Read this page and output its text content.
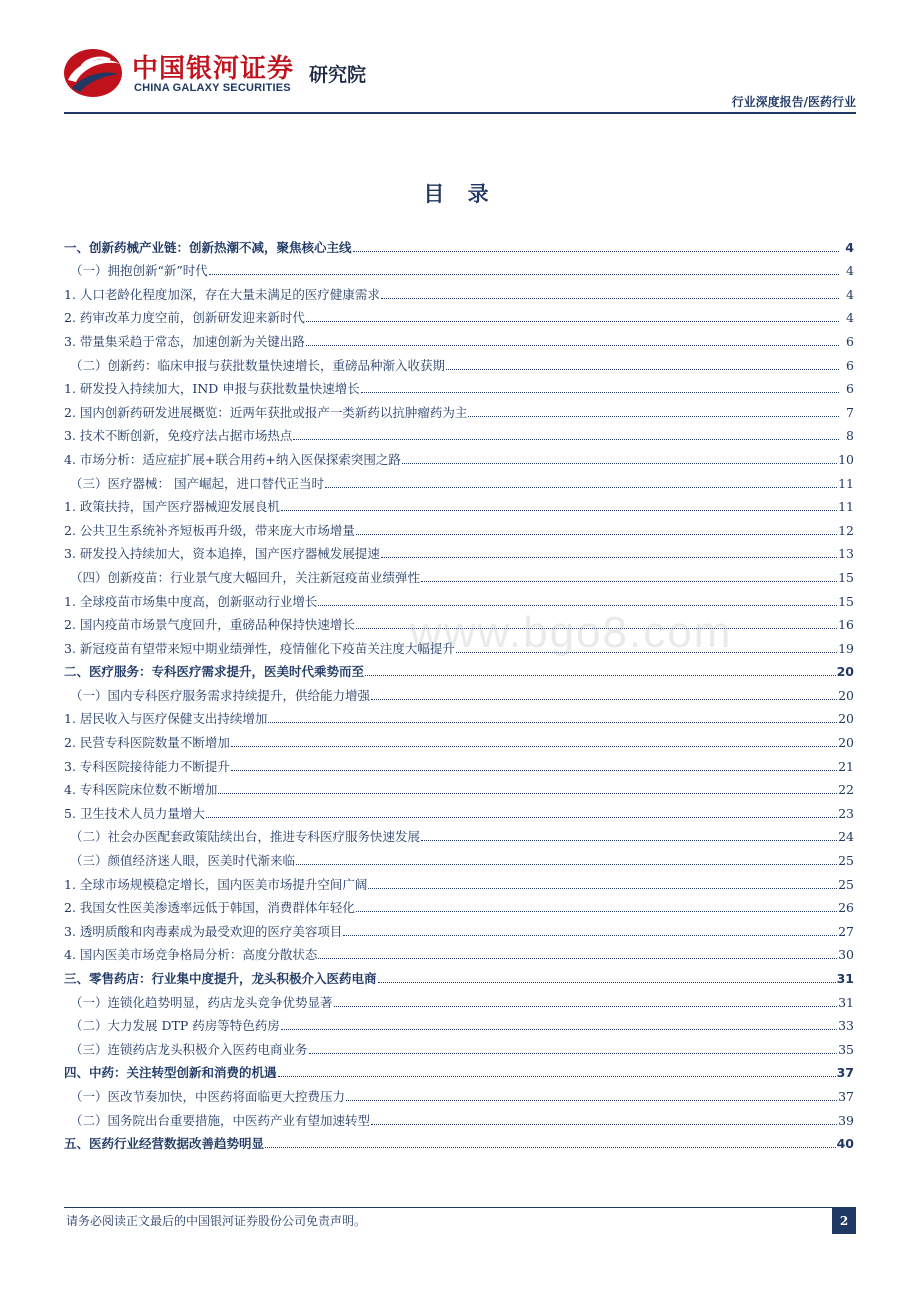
中国银河证券
CHINA GALAXY SECURITIES
研究院
行业深度报告/医药行业
目 录
一、创新药械产业链：创新热潮不减，聚焦核心主线	4
（一）拥抱创新“新”时代	4
1. 人口老龄化程度加深，存在大量未满足的医疗健康需求	4
2. 药审改革力度空前，创新研发迎来新时代	4
3. 带量集采趋于常态，加速创新为关键出路	6
（二）创新药：临床申报与获批数量快速增长，重磅品种渐入收获期	6
1. 研发投入持续加大，IND 申报与获批数量快速增长	6
2. 国内创新药研发进展概览：近两年获批或报产一类新药以抗肿瘤药为主	7
3. 技术不断创新，免疫疗法占据市场热点	8
4. 市场分析：适应症扩展+联合用药+纳入医保探索突围之路	10
（三）医疗器械： 国产崛起，进口替代正当时	11
1. 政策扶持，国产医疗器械迎发展良机	11
2. 公共卫生系统补齐短板再升级，带来庞大市场增量	12
3. 研发投入持续加大，资本追捧，国产医疗器械发展提速	13
（四）创新疫苗：行业景气度大幅回升，关注新冠疫苗业绩弹性	15
1. 全球疫苗市场集中度高，创新驱动行业增长	15
2. 国内疫苗市场景气度回升，重磅品种保持快速增长	16
3. 新冠疫苗有望带来短中期业绩弹性，疫情催化下疫苗关注度大幅提升	19
二、医疗服务：专科医疗需求提升，医美时代乘势而至	20
（一）国内专科医疗服务需求持续提升，供给能力增强	20
1. 居民收入与医疗保健支出持续增加	20
2. 民营专科医院数量不断增加	20
3. 专科医院接待能力不断提升	21
4. 专科医院床位数不断增加	22
5. 卫生技术人员力量增大	23
（二）社会办医配套政策陆续出台，推进专科医疗服务快速发展	24
（三）颜值经济迷人眼，医美时代渐来临	25
1. 全球市场规模稳定增长，国内医美市场提升空间广阔	25
2. 我国女性医美渗透率远低于韩国，消费群体年轻化	26
3. 透明质酸和肉毒素成为最受欢迎的医疗美容项目	27
4. 国内医美市场竞争格局分析：高度分散状态	30
三、零售药店：行业集中度提升，龙头积极介入医药电商	31
（一）连锁化趋势明显，药店龙头竞争优势显著	31
（二）大力发展 DTP 药房等特色药房	33
（三）连锁药店龙头积极介入医药电商业务	35
四、中药：关注转型创新和消费的机遇	37
（一）医改节奏加快，中医药将面临更大控费压力	37
（二）国务院出台重要措施，中医药产业有望加速转型	39
五、医药行业经营数据改善趋势明显	40
www.bgo8.com
请务必阅读正文最后的中国银河证券股份公司免责声明。	2
